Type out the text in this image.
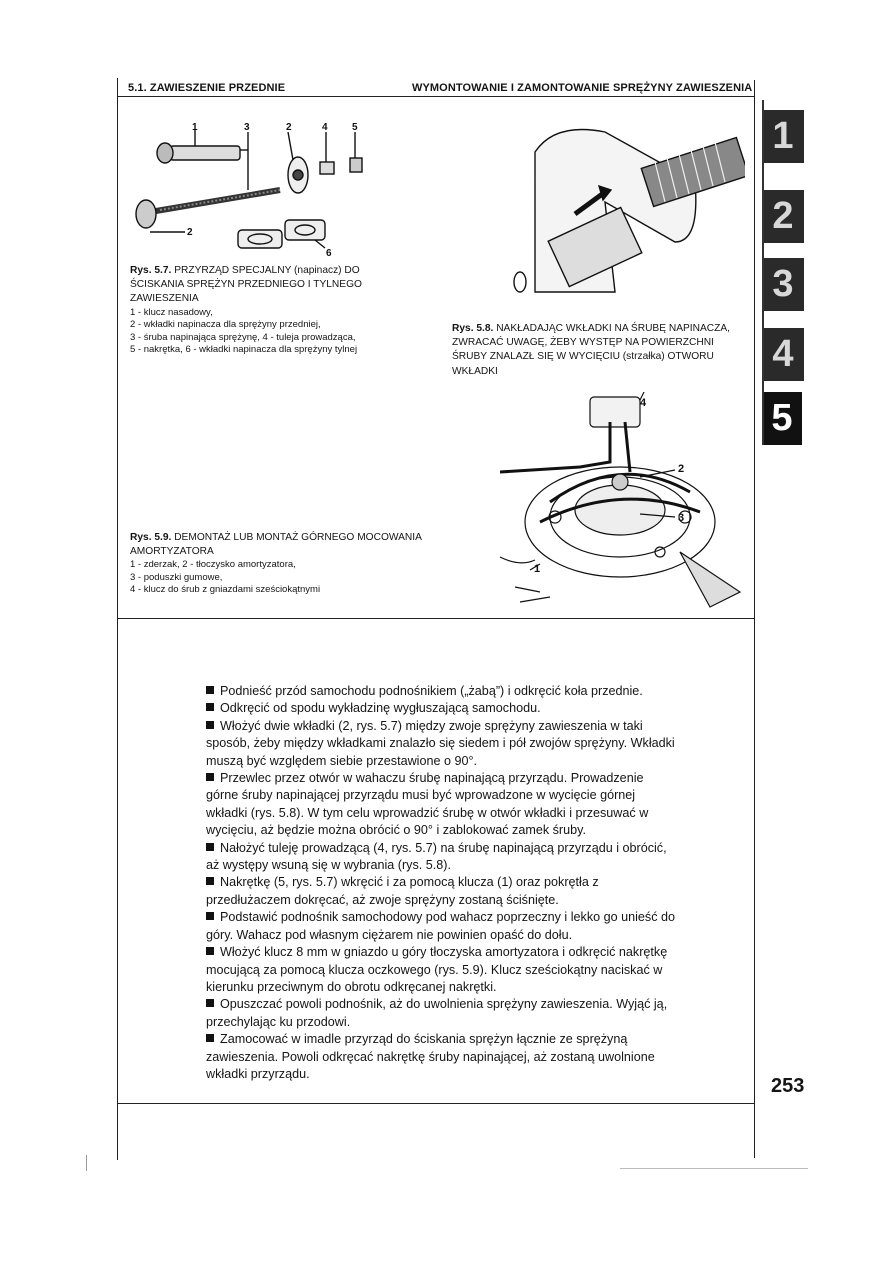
5.1. ZAWIESZENIE PRZEDNIE	WYMONTOWANIE I ZAMONTOWANIE SPRĘŻYNY ZAWIESZENIA
1
2
3
4
5
1	3	2	4 5
2
6
Rys. 5.7. PRZYRZĄD SPECJALNY (napinacz) DO ŚCISKANIA SPRĘŻYN PRZEDNIEGO I TYLNEGO ZAWIESZENIA
1 - klucz nasadowy,
2 - wkładki napinacza dla sprężyny przedniej,
3 - śruba napinająca sprężynę, 4 - tuleja prowadząca,
5 - nakrętka, 6 - wkładki napinacza dla sprężyny tylnej
Rys. 5.8. NAKŁADAJĄC WKŁADKI NA ŚRUBĘ NAPINACZA, ZWRACAĆ UWAGĘ, ŻEBY WYSTĘP NA POWIERZCHNI ŚRUBY ZNALAZŁ SIĘ W WYCIĘCIU (strzałka) OTWORU WKŁADKI
4
2
3
1
Rys. 5.9. DEMONTAŻ LUB MONTAŻ GÓRNEGO MOCOWANIA AMORTYZATORA
1 - zderzak, 2 - tłoczysko amortyzatora,
3 - poduszki gumowe,
4 - klucz do śrub z gniazdami sześciokątnymi

Podnieść przód samochodu podnośnikiem („żabą”) i odkręcić koła przednie.

Odkręcić od spodu wykładzinę wygłuszającą samochodu.

Włożyć dwie wkładki (2, rys. 5.7) między zwoje sprężyny zawieszenia w taki sposób, żeby między wkładkami znalazło się siedem i pół zwojów sprężyny. Wkładki muszą być względem siebie przestawione o 90°.

Przewlec przez otwór w wahaczu śrubę napinającą przyrządu. Prowadzenie górne śruby napinającej przyrządu musi być wprowadzone w wycięcie górnej wkładki (rys. 5.8). W tym celu wprowadzić śrubę w otwór wkładki i przesuwać w wycięciu, aż będzie można obrócić o 90° i zablokować zamek śruby.

Nałożyć tuleję prowadzącą (4, rys. 5.7) na śrubę napinającą przyrządu i obrócić, aż występy wsuną się w wybrania (rys. 5.8).

Nakrętkę (5, rys. 5.7) wkręcić i za pomocą klucza (1) oraz pokrętła z przedłużaczem dokręcać, aż zwoje sprężyny zostaną ściśnięte.

Podstawić podnośnik samochodowy pod wahacz poprzeczny i lekko go unieść do góry. Wahacz pod własnym ciężarem nie powinien opaść do dołu.

Włożyć klucz 8 mm w gniazdo u góry tłoczyska amortyzatora i odkręcić nakrętkę mocującą za pomocą klucza oczkowego (rys. 5.9). Klucz sześciokątny naciskać w kierunku przeciwnym do obrotu odkręcanej nakrętki.

Opuszczać powoli podnośnik, aż do uwolnienia sprężyny zawieszenia. Wyjąć ją, przechylając ku przodowi.

Zamocować w imadle przyrząd do ściskania sprężyn łącznie ze sprężyną zawieszenia. Powoli odkręcać nakrętkę śruby napinającej, aż zostaną uwolnione wkładki przyrządu.

253
